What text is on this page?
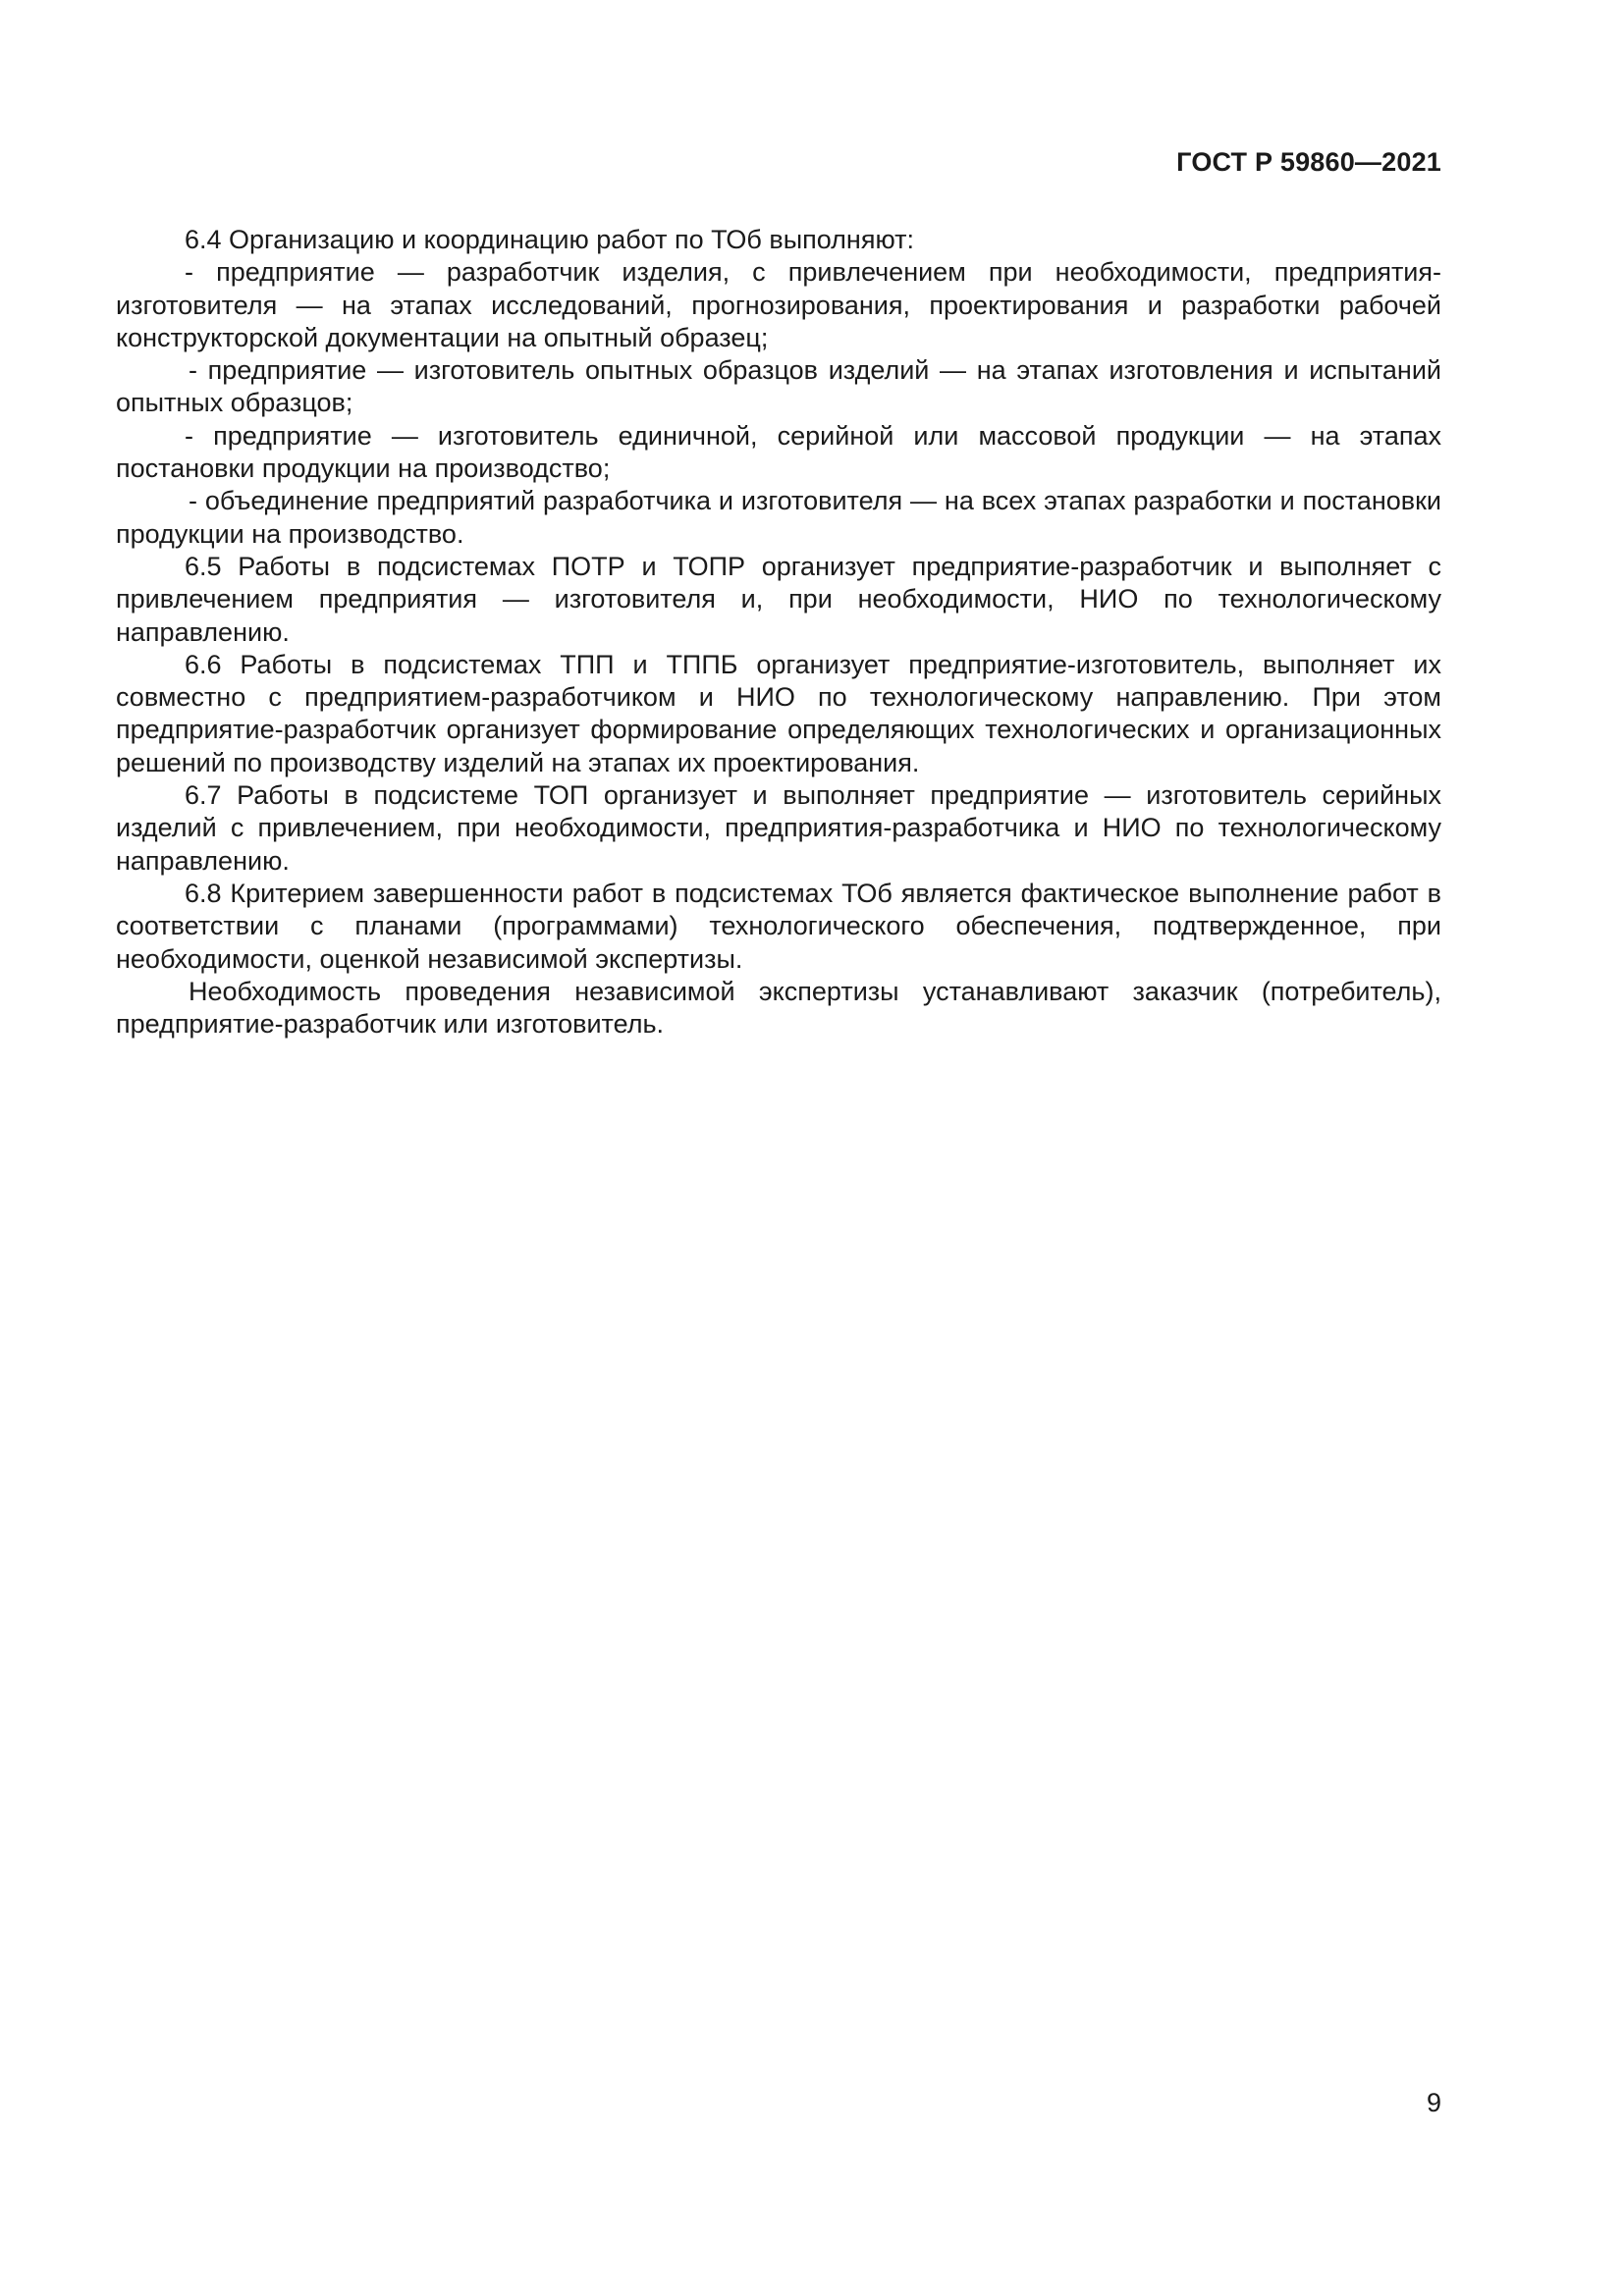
ГОСТ Р 59860—2021

6.4 Организацию и координацию работ по ТОб выполняют:

- предприятие — разработчик изделия, с привлечением при необходимости, предприятия-изготовителя — на этапах исследований, прогнозирования, проектирования и разработки рабочей конструкторской документации на опытный образец;

- предприятие — изготовитель опытных образцов изделий — на этапах изготовления и испытаний опытных образцов;

- предприятие — изготовитель единичной, серийной или массовой продукции — на этапах постановки продукции на производство;

- объединение предприятий разработчика и изготовителя — на всех этапах разработки и постановки продукции на производство.

6.5 Работы в подсистемах ПОТР и ТОПР организует предприятие-разработчик и выполняет с привлечением предприятия — изготовителя и, при необходимости, НИО по технологическому направлению.

6.6 Работы в подсистемах ТПП и ТППБ организует предприятие-изготовитель, выполняет их совместно с предприятием-разработчиком и НИО по технологическому направлению. При этом предприятие-разработчик организует формирование определяющих технологических и организационных решений по производству изделий на этапах их проектирования.

6.7 Работы в подсистеме ТОП организует и выполняет предприятие — изготовитель серийных изделий с привлечением, при необходимости, предприятия-разработчика и НИО по технологическому направлению.

6.8 Критерием завершенности работ в подсистемах ТОб является фактическое выполнение работ в соответствии с планами (программами) технологического обеспечения, подтвержденное, при необходимости, оценкой независимой экспертизы.

Необходимость проведения независимой экспертизы устанавливают заказчик (потребитель), предприятие-разработчик или изготовитель.

9
